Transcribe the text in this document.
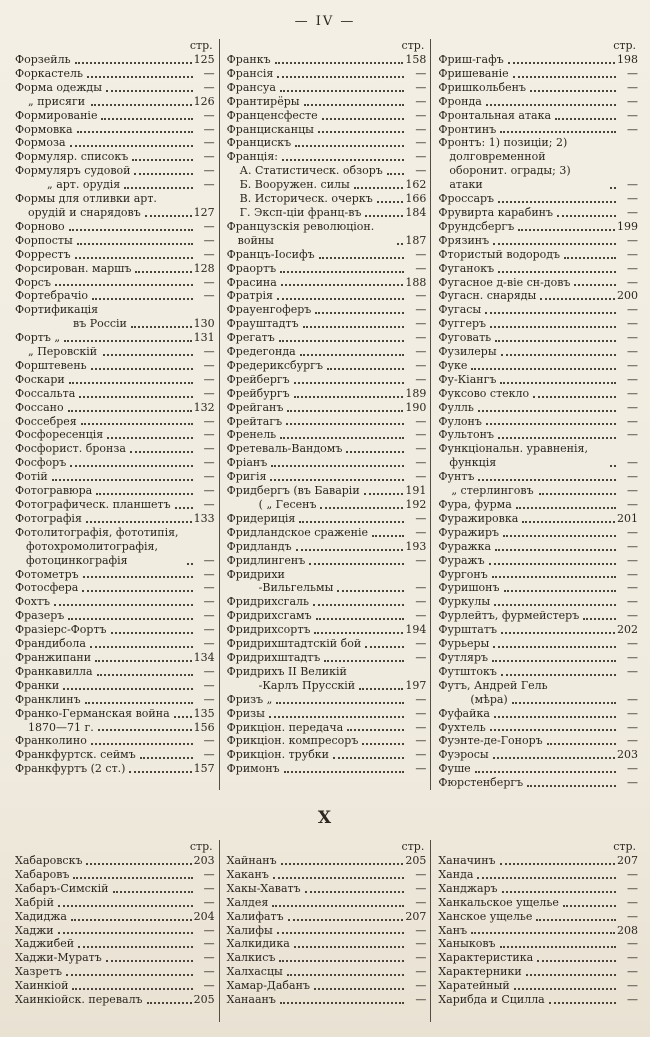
— IV —
стр.
Форзейль	125
Форкастель	—
Форма одежды	—
„ присяги	126
Формированіе	—
Формовка	—
Формоза	—
Формуляр. списокъ	—
Формуляръ судовой	—
„ арт. орудія	—
Формы для отливки арт.
орудій и снарядовъ	127
Форново	—
Форпосты	—
Форрестъ	—
Форсирован. маршъ	128
Форсъ	—
Фортебрачіо	—
Фортификація
въ Россіи	130
Фортъ „	131
„ Перовскій	—
Форштевень	—
Фоскари	—
Фоссальта	—
Фоссано	132
Фоссебрея	—
Фосфоресенція	—
Фосфорист. бронза	—
Фосфоръ	—
Фотій	—
Фотогравюра	—
Фотографическ. планшетъ	—
Фотографія	133
Фотолитографія, фототипія, фотохромолитографія, фотоцинкографія	—
Фотометръ	—
Фотосфера	—
Фохтъ	—
Фразеръ	—
Фразіерс-Фортъ	—
Франдибола	—
Франжипани	134
Франкавилла	—
Франки	—
Франклинъ	—
Франко-Германская война 135
1870—71 г.	156
Франколино	—
Франкфуртск. сеймъ	—
Франкфуртъ (2 ст.)	157
стр.
Франкъ	158
Франсія	—
Франсуа	—
Франтирёры	—
Франценсфесте	—
Францисканцы	—
Францискъ	—
Франція:	—
А. Статистическ. обзоръ	—
Б. Вооружен. силы	162
В. Историческ. очеркъ	166
Г. Эксп-ціи франц-въ	184
Французскія революціон. войны	187
Францъ-Іосифъ	—
Фраортъ	—
Фрасина	188
Фратрія	—
Фрауенгоферъ	—
Фрауштадтъ	—
Фрегатъ	—
Фредегонда	—
Фредериксбургъ	—
Фрейбергъ	—
Фрейбургъ	189
Фрейганъ	190
Фрейтагъ	—
Френель	—
Фретеваль-Вандомъ	—
Фріанъ	—
Фригія	—
Фридбергъ (въ Баваріи	191
( „ Гесенъ	192
Фридериція	—
Фридландское сраженіе	—
Фридландъ	193
Фридлингенъ	—
Фридрихи
-Вильгельмы	—
Фридрихсгаль	—
Фридрихсгамъ	—
Фридрихсортъ	194
Фридрихштадтскій бой	—
Фридрихштадтъ	—
Фридрихъ II Великій
-Карлъ Прусскій	197
Фризъ „	—
Фризы	—
Фрикціон. передача	—
Фрикціон. компресоръ	—
Фрикціон. трубки	—
Фримонъ	—
стр.
Фриш-гафъ	198
Фришеваніе	—
Фришкольбенъ	—
Фронда	—
Фронтальная атака	—
Фронтинъ	—
Фронтъ: 1) позиціи; 2) долговременной оборонит. ограды; 3) атаки	—
Фроссаръ	—
Фрувирта карабинъ	—
Фрундсбергъ	199
Фрязинъ	—
Фтористый водородъ	—
Фуганокъ	—
Фугасное д-віе сн-довъ	—
Фугасн. снаряды	200
Фугасы	—
Фуггеръ	—
Фуговать	—
Фузилеры	—
Фуке	—
Фу-Кіангъ	—
Фуксово стекло	—
Фулль	—
Фулонъ	—
Фультонъ	—
Функціональн. уравненія, функція	—
Фунтъ	—
„ стерлинговъ	—
Фура, фурма	—
Фуражировка	201
Фуражиръ	—
Фуражка	—
Фуражъ	—
Фургонъ	—
Фуришонъ	—
Фуркулы	—
Фурлейтъ, фурмейстеръ	—
Фурштатъ	202
Фурьеры	—
Футляръ	—
Футштокъ	—
Футъ, Андрей Гель
(мѣра)	—
Фуфайка	—
Фухтель	—
Фуэнте-де-Гоноръ	—
Фуэросы	203
Фуше	—
Фюрстенбергъ	—
Х
стр.
Хабаровскъ	203
Хабаровъ	—
Хабаръ-Симскій	—
Хабрій	—
Хадиджа	204
Хаджи	—
Хаджибей	—
Хаджи-Муратъ	—
Хазретъ	—
Хаинкіой	—
Хаинкіойск. перевалъ	205
стр.
Хайнанъ	205
Хаканъ	—
Хакы-Хаватъ	—
Халдея	—
Халифатъ	207
Халифы	—
Халкидика	—
Халкисъ	—
Халхасцы	—
Хамар-Дабанъ	—
Ханаанъ	—
стр.
Ханачинъ	207
Ханда	—
Ханджаръ	—
Ханкальское ущелье	—
Ханское ущелье	—
Ханъ	208
Ханыковъ	—
Характеристика	—
Характерники	—
Харатейный	—
Харибда и Сцилла	—
